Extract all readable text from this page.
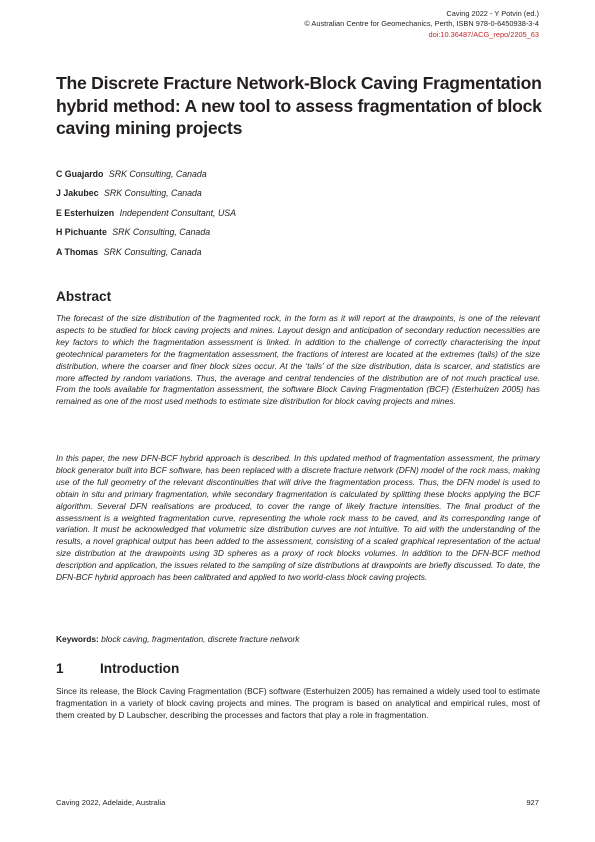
Caving 2022 - Y Potvin (ed.)
© Australian Centre for Geomechanics, Perth, ISBN 978-0-6450938-3-4
doi:10.36487/ACG_repo/2205_63
The Discrete Fracture Network-Block Caving Fragmentation hybrid method: A new tool to assess fragmentation of block caving mining projects
C Guajardo SRK Consulting, Canada
J Jakubec SRK Consulting, Canada
E Esterhuizen Independent Consultant, USA
H Pichuante SRK Consulting, Canada
A Thomas SRK Consulting, Canada
Abstract

The forecast of the size distribution of the fragmented rock, in the form as it will report at the drawpoints, is one of the relevant aspects to be studied for block caving projects and mines. Layout design and anticipation of secondary reduction necessities are key factors to which the fragmentation assessment is linked. In addition to the challenge of correctly characterising the input geotechnical parameters for the fragmentation assessment, the fractions of interest are located at the extremes (tails) of the size distribution, where the coarser and finer block sizes occur. At the ‘tails’ of the size distribution, data is scarcer, and statistics are more affected by random variations. Thus, the average and central tendencies of the distribution are of not much practical use. From the tools available for fragmentation assessment, the software Block Caving Fragmentation (BCF) (Esterhuizen 2005) has remained as one of the most used methods to estimate size distribution for block caving projects and mines.

In this paper, the new DFN-BCF hybrid approach is described. In this updated method of fragmentation assessment, the primary block generator built into BCF software, has been replaced with a discrete fracture network (DFN) model of the rock mass, making use of the full geometry of the relevant discontinuities that will drive the fragmentation process. Thus, the DFN model is used to obtain in situ and primary fragmentation, while secondary fragmentation is calculated by splitting these blocks applying the BCF algorithm. Several DFN realisations are produced, to cover the range of likely fracture intensities. The final product of the assessment is a weighted fragmentation curve, representing the whole rock mass to be caved, and its corresponding range of variation. It must be acknowledged that volumetric size distribution curves are not intuitive. To aid with the understanding of the results, a novel graphical output has been added to the assessment, consisting of a scaled graphical representation of the actual size distribution at the drawpoints using 3D spheres as a proxy of rock blocks volumes. In addition to the DFN-BCF method description and application, the issues related to the sampling of size distributions at drawpoints are briefly discussed. To date, the DFN-BCF hybrid approach has been calibrated and applied to two world-class block caving projects.

Keywords: block caving, fragmentation, discrete fracture network
1	Introduction

Since its release, the Block Caving Fragmentation (BCF) software (Esterhuizen 2005) has remained a widely used tool to estimate fragmentation in a variety of block caving projects and mines. The program is based on analytical and empirical rules, most of them created by D Laubscher, describing the processes and factors that play a role in fragmentation.

Caving 2022, Adelaide, Australia	927
